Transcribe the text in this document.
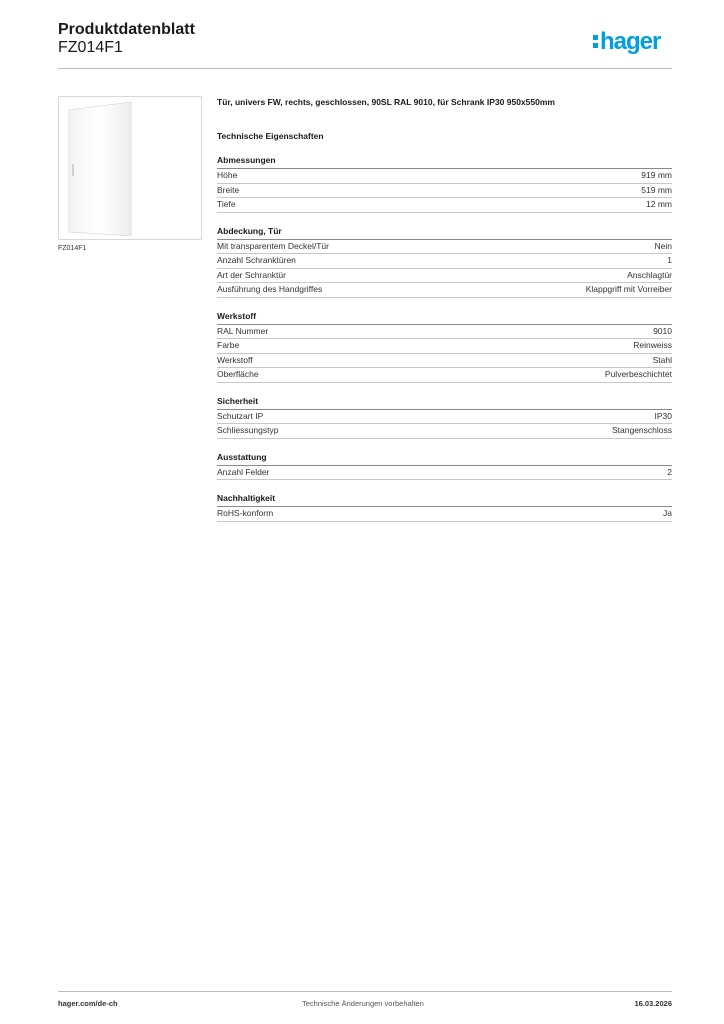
Produktdatenblatt
FZ014F1	hager
FZ014F1

Tür, univers FW, rechts, geschlossen, 90SL RAL 9010, für Schrank IP30 950x550mm

Technische Eigenschaften
Abmessungen
Höhe	919 mm
Breite	519 mm
Tiefe	12 mm
Abdeckung, Tür
Mit transparentem Deckel/Tür	Nein
Anzahl Schranktüren	1
Art der Schranktür	Anschlagtür
Ausführung des Handgriffes	Klappgriff mit Vorreiber
Werkstoff
RAL Nummer	9010
Farbe	Reinweiss
Werkstoff	Stahl
Oberfläche	Pulverbeschichtet
Sicherheit
Schutzart IP	IP30
Schliessungstyp	Stangenschloss
Ausstattung
Anzahl Felder	2
Nachhaltigkeit
RoHS-konform	Ja
hager.com/de-ch	Technische Änderungen vorbehalten	16.03.2026
